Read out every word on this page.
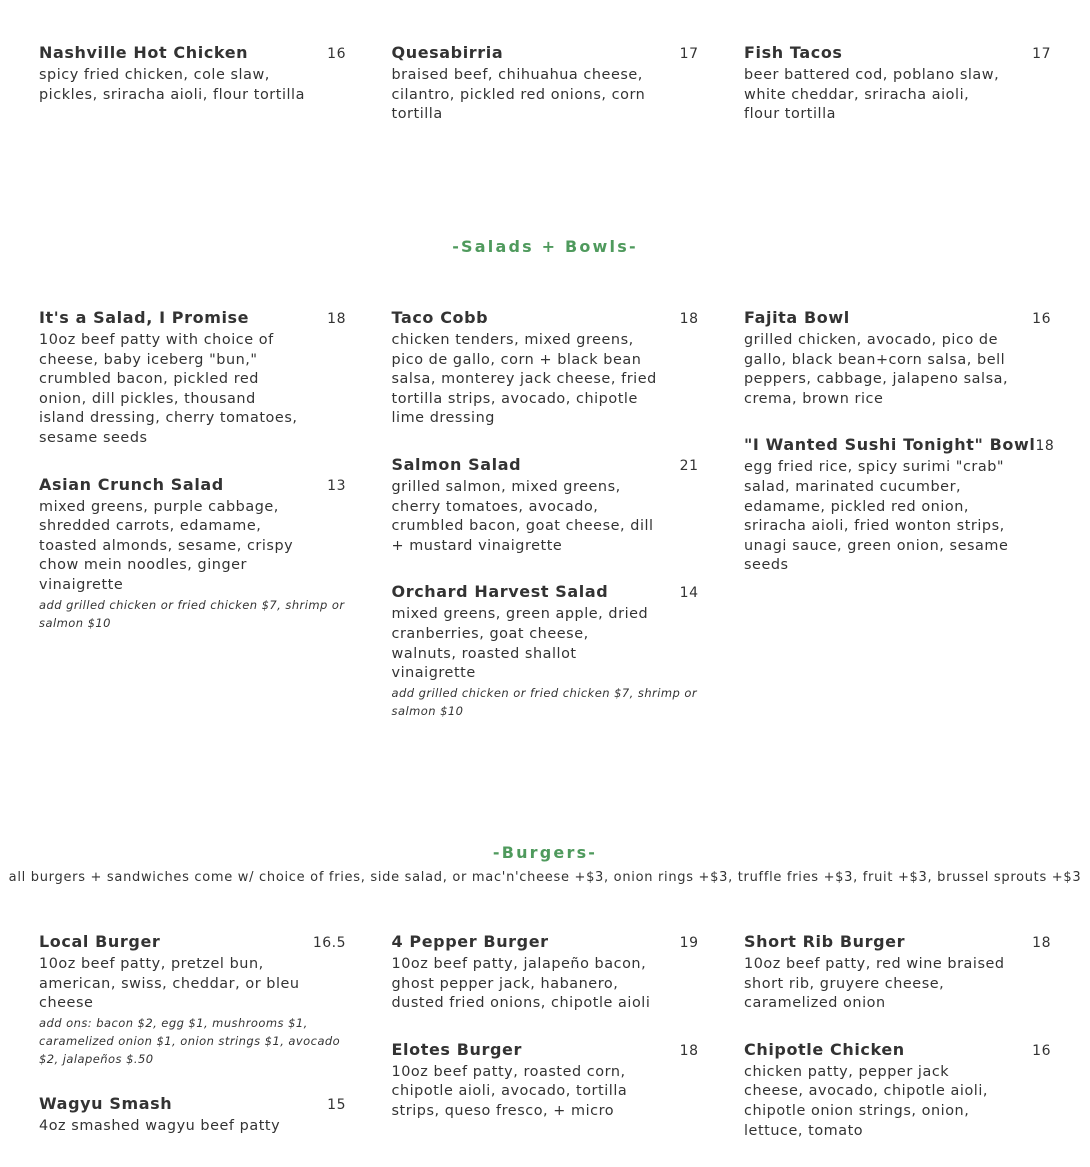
Nashville Hot Chicken	16
spicy fried chicken, cole slaw, pickles, sriracha aioli, flour tortilla
Quesabirria	17
braised beef, chihuahua cheese, cilantro, pickled red onions, corn tortilla
Fish Tacos	17
beer battered cod, poblano slaw, white cheddar, sriracha aioli, flour tortilla
-Salads + Bowls-
It's a Salad, I Promise	18
10oz beef patty with choice of cheese, baby iceberg "bun," crumbled bacon, pickled red onion, dill pickles, thousand island dressing, cherry tomatoes, sesame seeds
Asian Crunch Salad	13
mixed greens, purple cabbage, shredded carrots, edamame, toasted almonds, sesame, crispy chow mein noodles, ginger vinaigrette
add grilled chicken or fried chicken $7, shrimp or salmon $10
Taco Cobb	18
chicken tenders, mixed greens, pico de gallo, corn + black bean salsa, monterey jack cheese, fried tortilla strips, avocado, chipotle lime dressing
Salmon Salad	21
grilled salmon, mixed greens, cherry tomatoes, avocado, crumbled bacon, goat cheese, dill + mustard vinaigrette
Orchard Harvest Salad	14
mixed greens, green apple, dried cranberries, goat cheese, walnuts, roasted shallot vinaigrette
add grilled chicken or fried chicken $7, shrimp or salmon $10
Fajita Bowl	16
grilled chicken, avocado, pico de gallo, black bean+corn salsa, bell peppers, cabbage, jalapeno salsa, crema, brown rice
"I Wanted Sushi Tonight" Bowl 18
egg fried rice, spicy surimi "crab" salad, marinated cucumber, edamame, pickled red onion, sriracha aioli, fried wonton strips, unagi sauce, green onion, sesame seeds
-Burgers-
all burgers + sandwiches come w/ choice of fries, side salad, or mac'n'cheese +$3, onion rings +$3, truffle fries +$3, fruit +$3, brussel sprouts +$3
Local Burger	16.5
10oz beef patty, pretzel bun, american, swiss, cheddar, or bleu cheese
add ons: bacon $2, egg $1, mushrooms $1, caramelized onion $1, onion strings $1, avocado $2, jalapeños $.50
Wagyu Smash	15
4oz smashed wagyu beef patty
4 Pepper Burger	19
10oz beef patty, jalapeño bacon, ghost pepper jack, habanero, dusted fried onions, chipotle aioli
Elotes Burger	18
10oz beef patty, roasted corn, chipotle aioli, avocado, tortilla strips, queso fresco, + micro
Short Rib Burger	18
10oz beef patty, red wine braised short rib, gruyere cheese, caramelized onion
Chipotle Chicken	16
chicken patty, pepper jack cheese, avocado, chipotle aioli, chipotle onion strings, onion, lettuce, tomato
